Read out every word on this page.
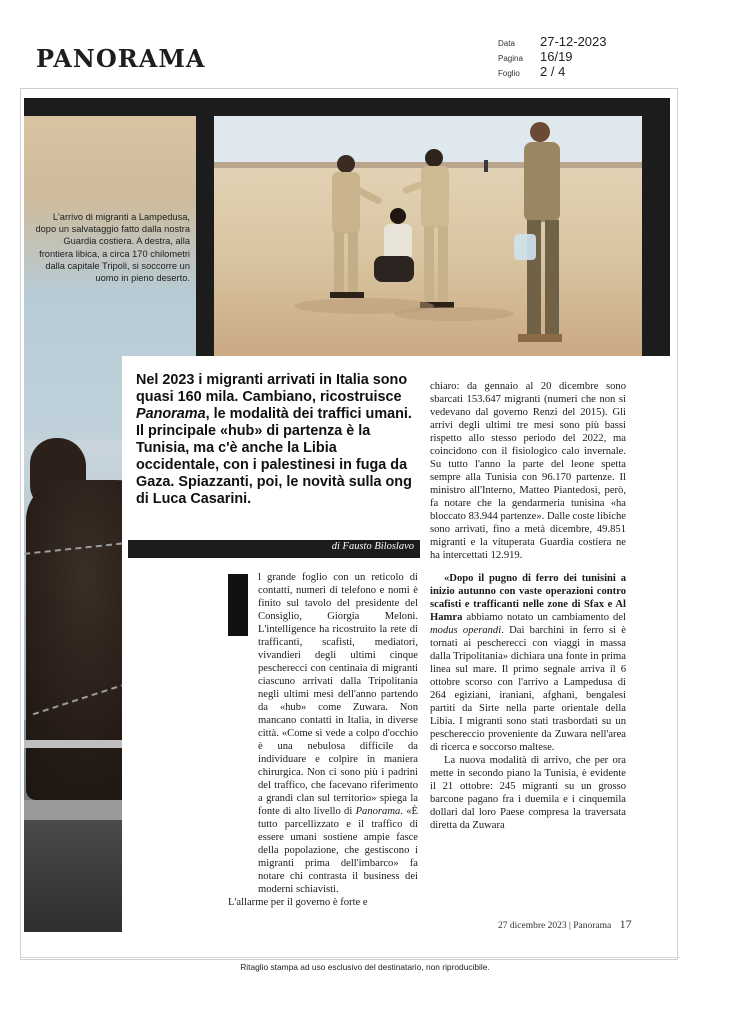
PANORAMA
Data	27-12-2023
Pagina	16/19
Foglio	2 / 4
L'arrivo di migranti a Lampedusa, dopo un salvataggio fatto dalla nostra Guardia costiera. A destra, alla frontiera libica, a circa 170 chilometri dalla capitale Tripoli, si soccorre un uomo in pieno deserto.

Nel 2023 i migranti arrivati in Italia sono quasi 160 mila. Cambiano, ricostruisce Panorama, le modalità dei traffici umani. Il principale «hub» di partenza è la Tunisia, ma c'è anche la Libia occidentale, con i palestinesi in fuga da Gaza. Spiazzanti, poi, le novità sulla ong di Luca Casarini.

di Fausto Biloslavo

l grande foglio con un reticolo di contatti, numeri di telefono e nomi è finito sul tavolo del presidente del Consiglio, Giorgia Meloni. L'intelligence ha ricostruito la rete di trafficanti, scafisti, mediatori, vivandieri degli ultimi cinque pescherecci con centinaia di migranti ciascuno arrivati dalla Tripolitania negli ultimi mesi dell'anno partendo da «hub» come Zuwara. Non mancano contatti in Italia, in diverse città. «Come si vede a colpo d'occhio è una nebulosa difficile da individuare e colpire in maniera chirurgica. Non ci sono più i padrini del traffico, che facevano riferimento a grandi clan sul territorio» spiega la fonte di alto livello di Panorama. «È tutto parcellizzato e il traffico di essere umani sostiene ampie fasce della popolazione, che gestiscono i migranti prima dell'imbarco» fa notare chi contrasta il business dei moderni schiavisti.

L'allarme per il governo è forte e

chiaro: da gennaio al 20 dicembre sono sbarcati 153.647 migranti (numeri che non si vedevano dal governo Renzi del 2015). Gli arrivi degli ultimi tre mesi sono più bassi rispetto allo stesso periodo del 2022, ma coincidono con il fisiologico calo invernale. Su tutto l'anno la parte del leone spetta sempre alla Tunisia con 96.170 partenze. Il ministro all'Interno, Matteo Piantedosi, però, fa notare che la gendarmeria tunisina «ha bloccato 83.944 partenze». Dalle coste libiche sono arrivati, fino a metà dicembre, 49.851 migranti e la vituperata Guardia costiera ne ha intercettati 12.919.

«Dopo il pugno di ferro dei tunisini a inizio autunno con vaste operazioni contro scafisti e trafficanti nelle zone di Sfax e Al Hamra abbiamo notato un cambiamento del modus operandi. Dai barchini in ferro si è tornati ai pescherecci con viaggi in massa dalla Tripolitania» dichiara una fonte in prima linea sul mare. Il primo segnale arriva il 6 ottobre scorso con l'arrivo a Lampedusa di 264 egiziani, iraniani, afghani, bengalesi partiti da Sirte nella parte orientale della Libia. I migranti sono stati trasbordati su un peschereccio proveniente da Zuwara nell'area di ricerca e soccorso maltese.

La nuova modalità di arrivo, che per ora mette in secondo piano la Tunisia, è evidente il 21 ottobre: 245 migranti su un grosso barcone pagano fra i duemila e i cinquemila dollari dal loro Paese compresa la traversata diretta da Zuwara

27 dicembre 2023 | Panorama 17
Ritaglio stampa ad uso esclusivo del destinatario, non riproducibile.
